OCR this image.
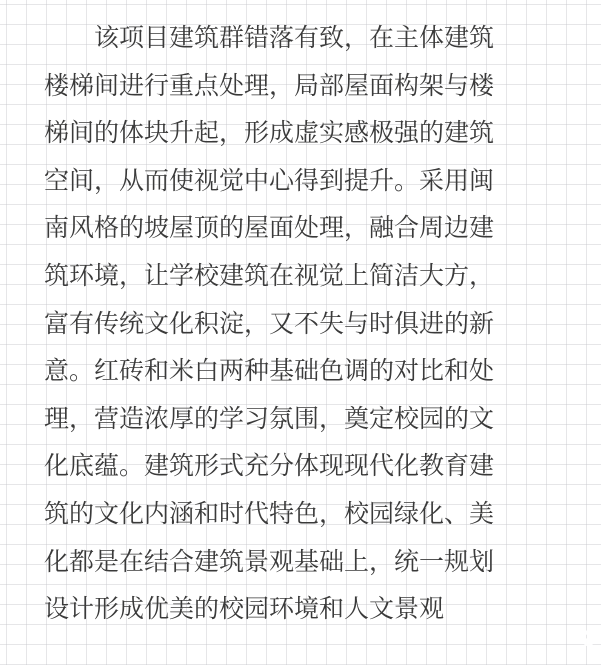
该项目建筑群错落有致，在主体建筑
楼梯间进行重点处理，局部屋面构架与楼
梯间的体块升起，形成虚实感极强的建筑
空间，从而使视觉中心得到提升。采用闽
南风格的坡屋顶的屋面处理，融合周边建
筑环境，让学校建筑在视觉上简洁大方，
富有传统文化积淀，又不失与时俱进的新
意。红砖和米白两种基础色调的对比和处
理，营造浓厚的学习氛围，奠定校园的文
化底蕴。建筑形式充分体现现代化教育建
筑的文化内涵和时代特色，校园绿化、美
化都是在结合建筑景观基础上，统一规划
设计形成优美的校园环境和人文景观
